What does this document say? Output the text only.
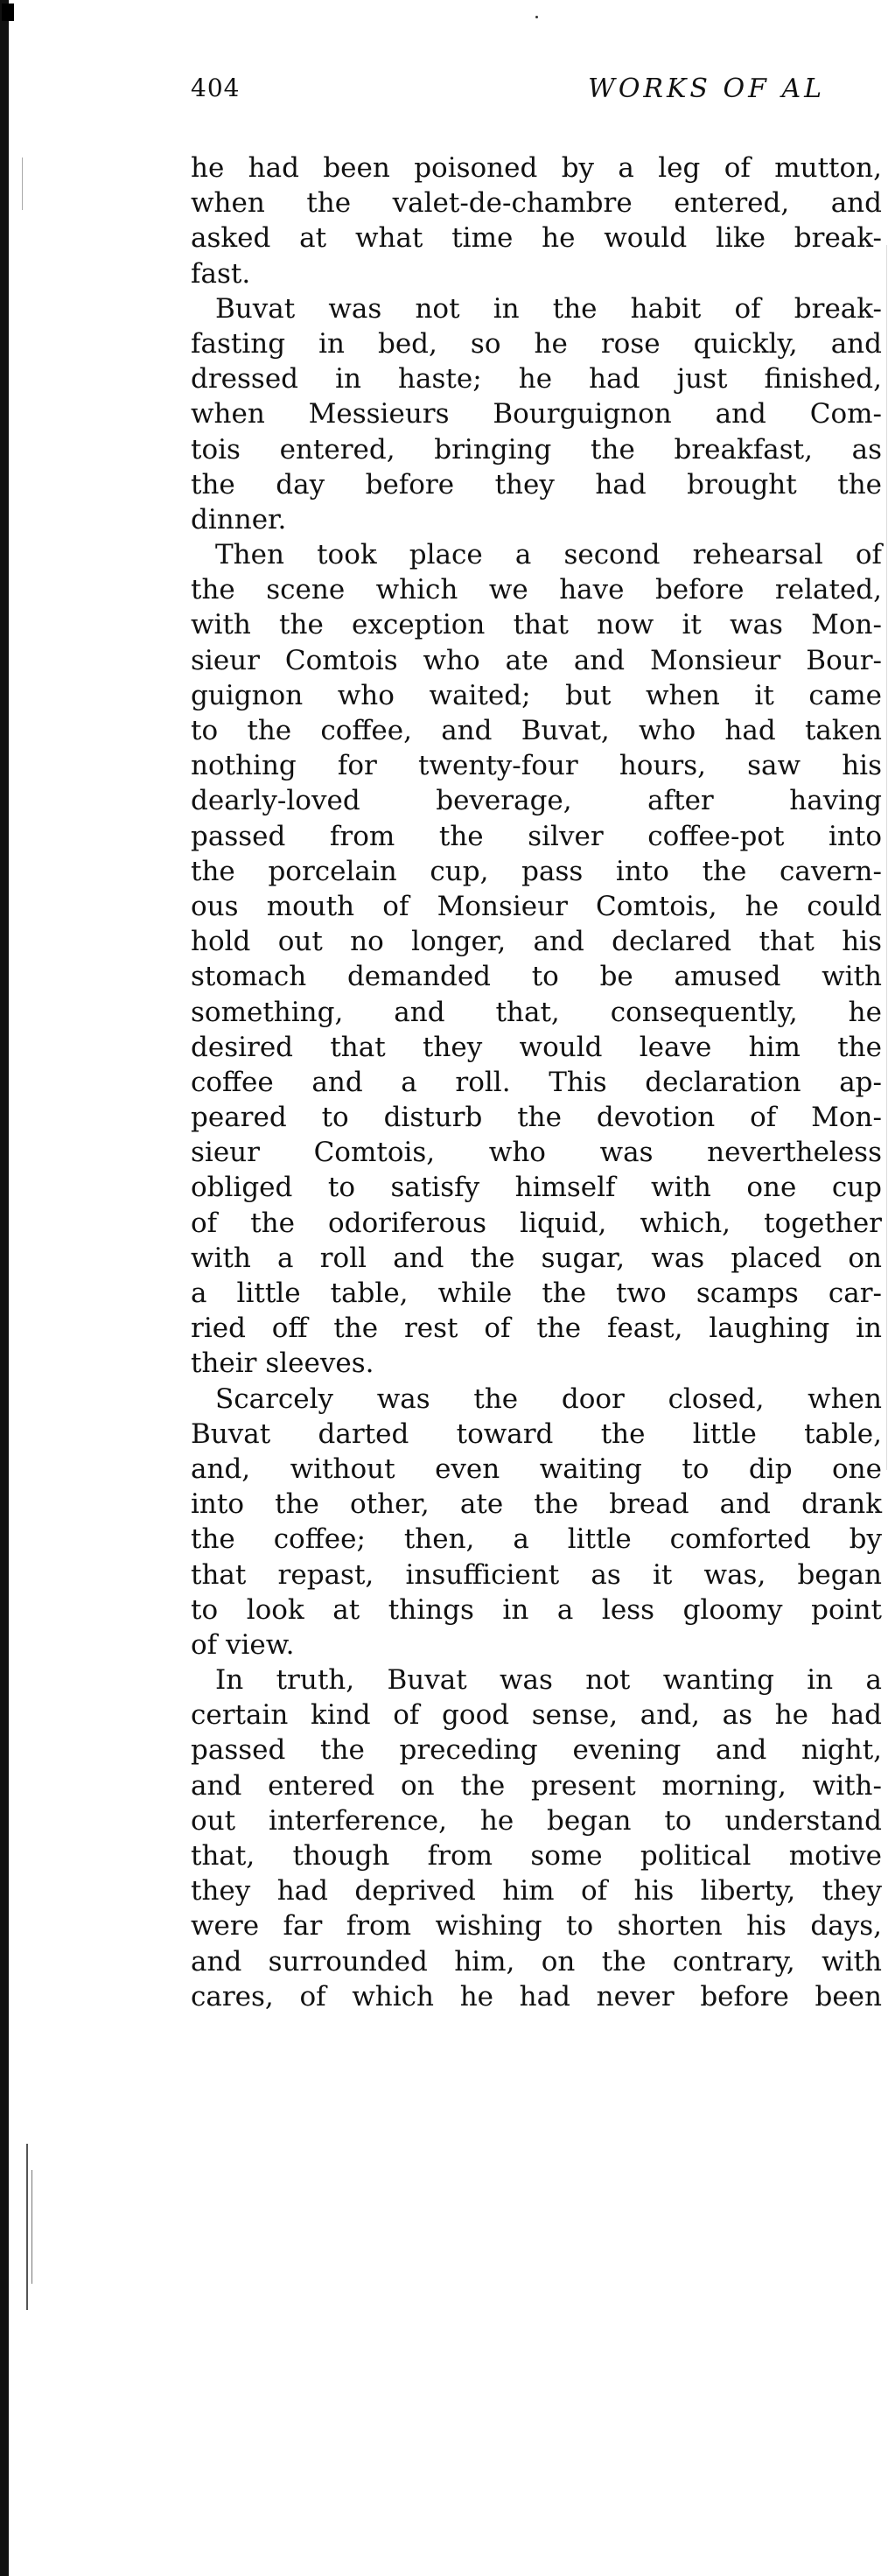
404	WORKS OF AL
he had been poisoned by a leg of mutton,
when the valet-de-chambre entered, and
asked at what time he would like break-
fast.
Buvat was not in the habit of break-
fasting in bed, so he rose quickly, and
dressed in haste; he had just finished,
when Messieurs Bourguignon and Com-
tois entered, bringing the breakfast, as
the day before they had brought the
dinner.
Then took place a second rehearsal of
the scene which we have before related,
with the exception that now it was Mon-
sieur Comtois who ate and Monsieur Bour-
guignon who waited; but when it came
to the coffee, and Buvat, who had taken
nothing for twenty-four hours, saw his
dearly-loved beverage, after having
passed from the silver coffee-pot into
the porcelain cup, pass into the cavern-
ous mouth of Monsieur Comtois, he could
hold out no longer, and declared that his
stomach demanded to be amused with
something, and that, consequently, he
desired that they would leave him the
coffee and a roll. This declaration ap-
peared to disturb the devotion of Mon-
sieur Comtois, who was nevertheless
obliged to satisfy himself with one cup
of the odoriferous liquid, which, together
with a roll and the sugar, was placed on
a little table, while the two scamps car-
ried off the rest of the feast, laughing in
their sleeves.
Scarcely was the door closed, when
Buvat darted toward the little table,
and, without even waiting to dip one
into the other, ate the bread and drank
the coffee; then, a little comforted by
that repast, insufficient as it was, began
to look at things in a less gloomy point
of view.
In truth, Buvat was not wanting in a
certain kind of good sense, and, as he had
passed the preceding evening and night,
and entered on the present morning, with-
out interference, he began to understand
that, though from some political motive
they had deprived him of his liberty, they
were far from wishing to shorten his days,
and surrounded him, on the contrary, with
cares, of which he had never before been
